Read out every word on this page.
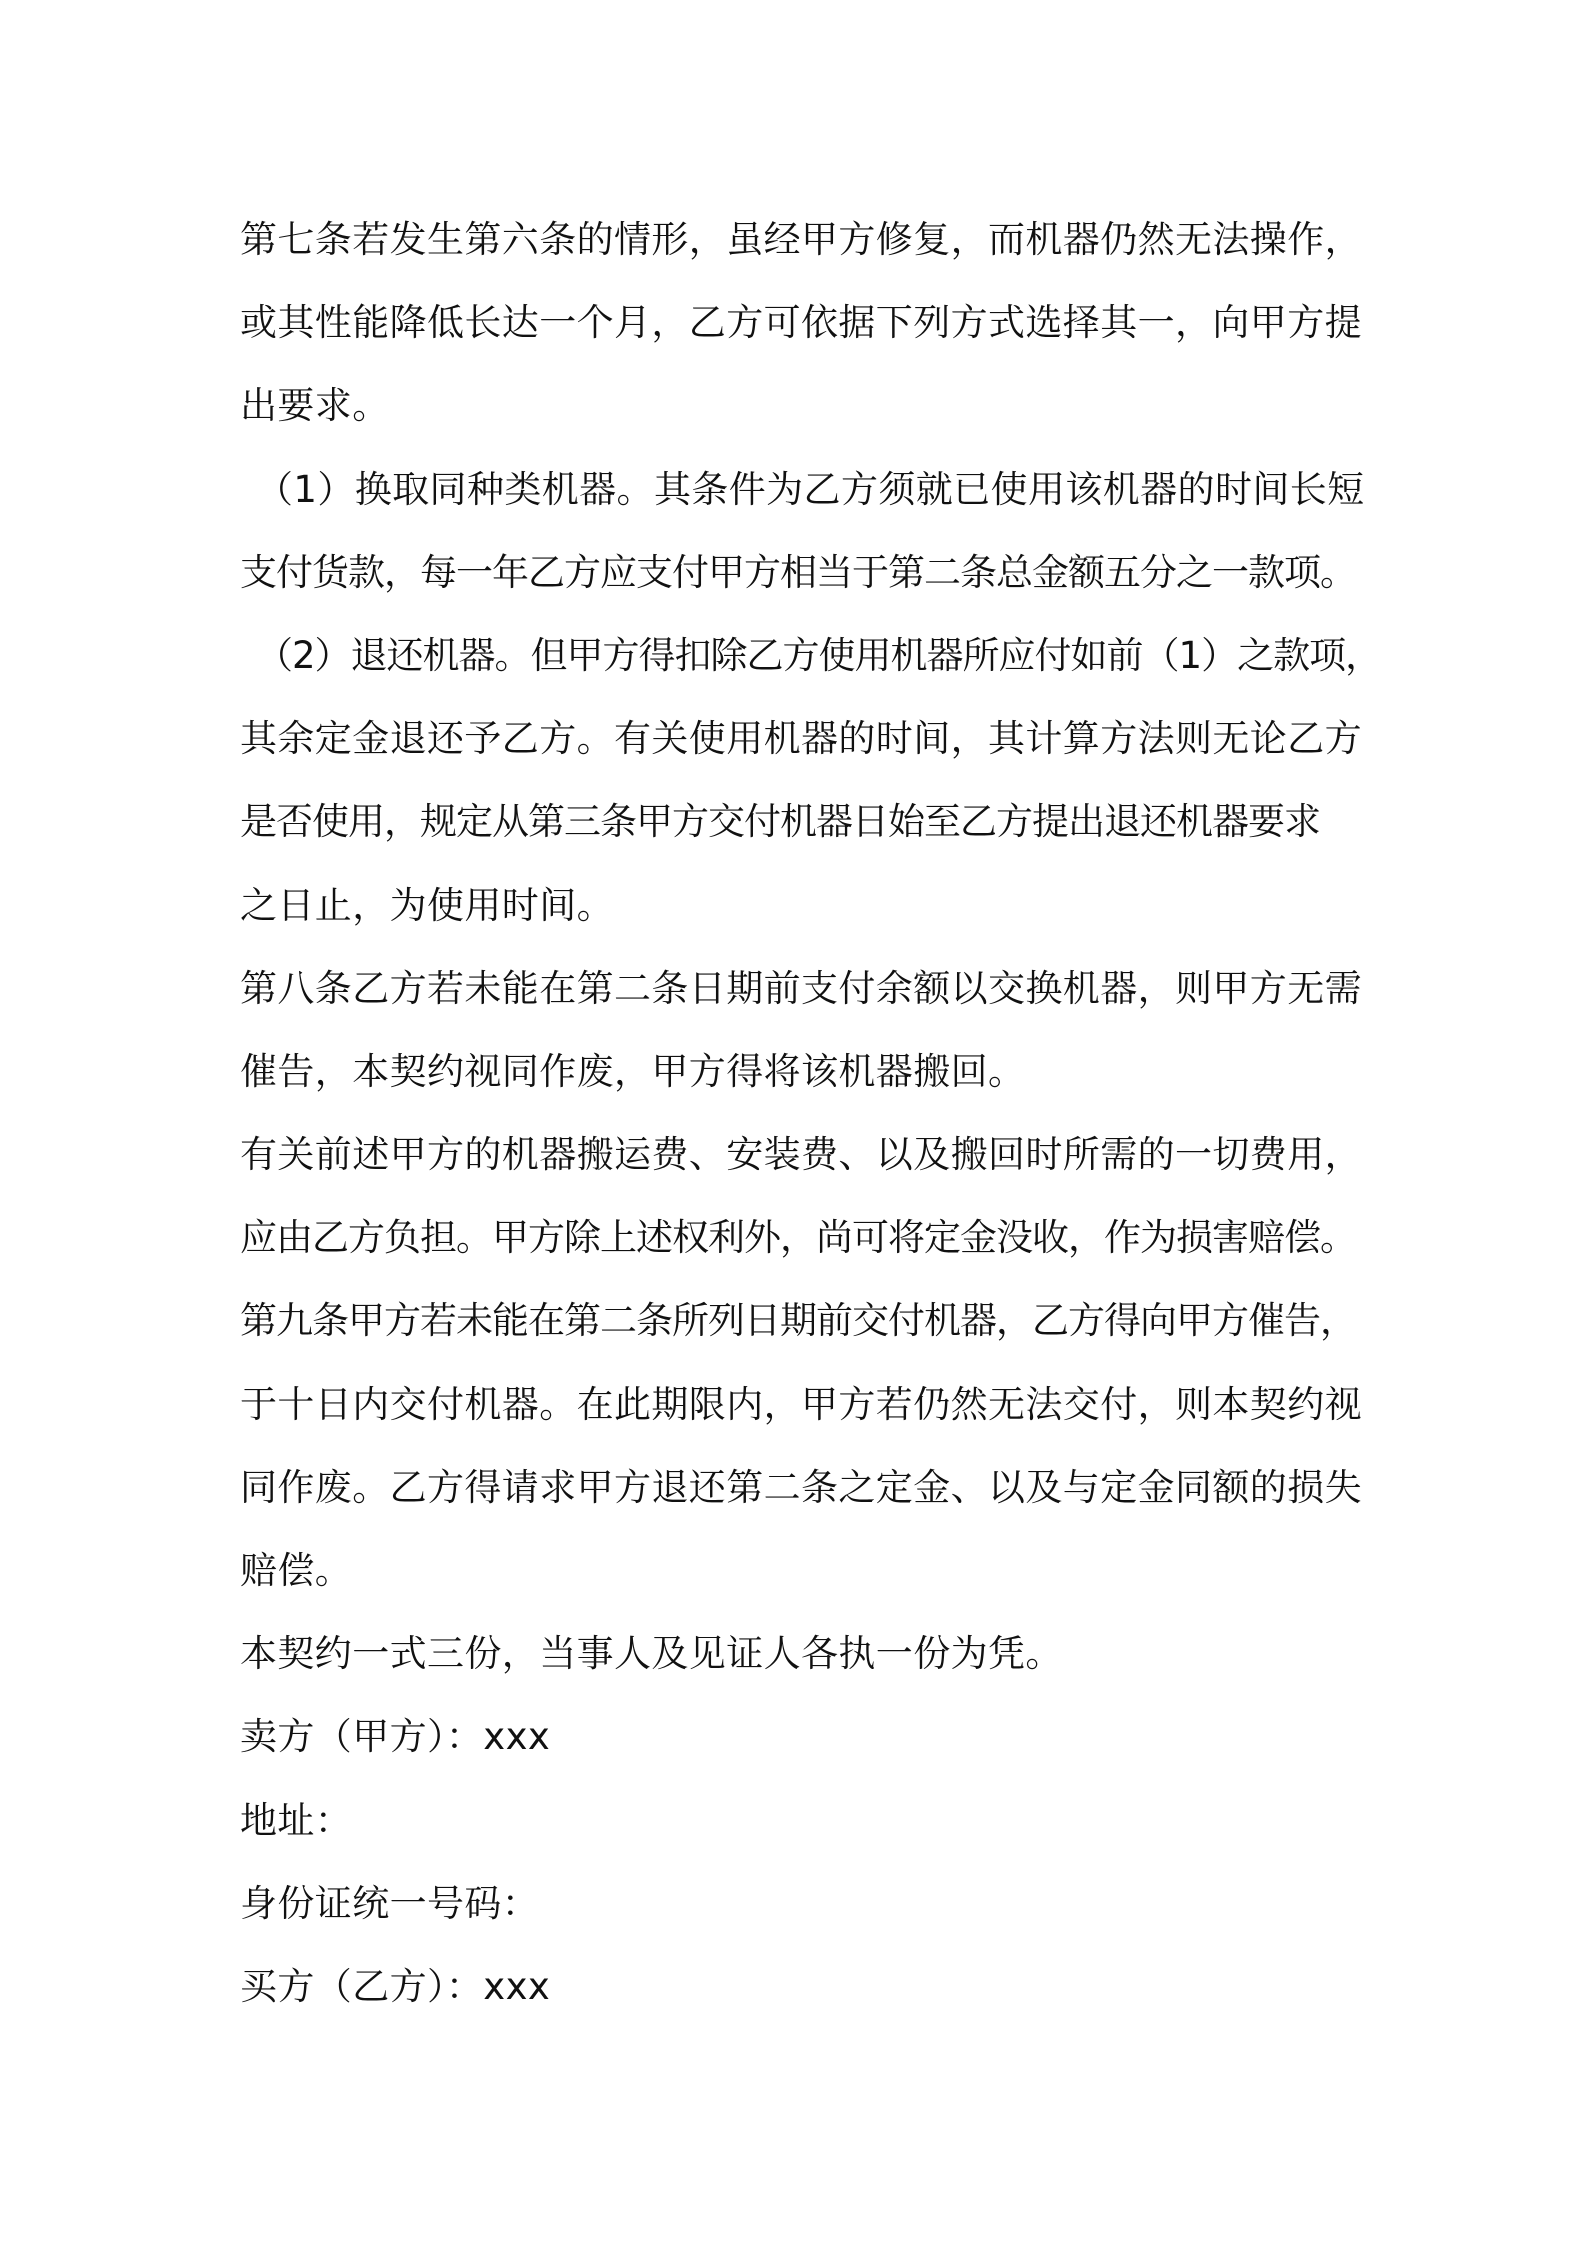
第七条若发生第六条的情形，虽经甲方修复，而机器仍然无法操作，
或其性能降低长达一个月，乙方可依据下列方式选择其一，向甲方提
出要求。
（1）换取同种类机器。其条件为乙方须就已使用该机器的时间长短
支付货款，每一年乙方应支付甲方相当于第二条总金额五分之一款项。
（2）退还机器。但甲方得扣除乙方使用机器所应付如前（1）之款项，
其余定金退还予乙方。有关使用机器的时间，其计算方法则无论乙方
是否使用，规定从第三条甲方交付机器日始至乙方提出退还机器要求
之日止，为使用时间。
第八条乙方若未能在第二条日期前支付余额以交换机器，则甲方无需
催告，本契约视同作废，甲方得将该机器搬回。
有关前述甲方的机器搬运费、安装费、以及搬回时所需的一切费用，
应由乙方负担。甲方除上述权利外，尚可将定金没收，作为损害赔偿。
第九条甲方若未能在第二条所列日期前交付机器，乙方得向甲方催告，
于十日内交付机器。在此期限内，甲方若仍然无法交付，则本契约视
同作废。乙方得请求甲方退还第二条之定金、以及与定金同额的损失
赔偿。
本契约一式三份，当事人及见证人各执一份为凭。
卖方（甲方）：xxx
地址：
身份证统一号码：
买方（乙方）：xxx
